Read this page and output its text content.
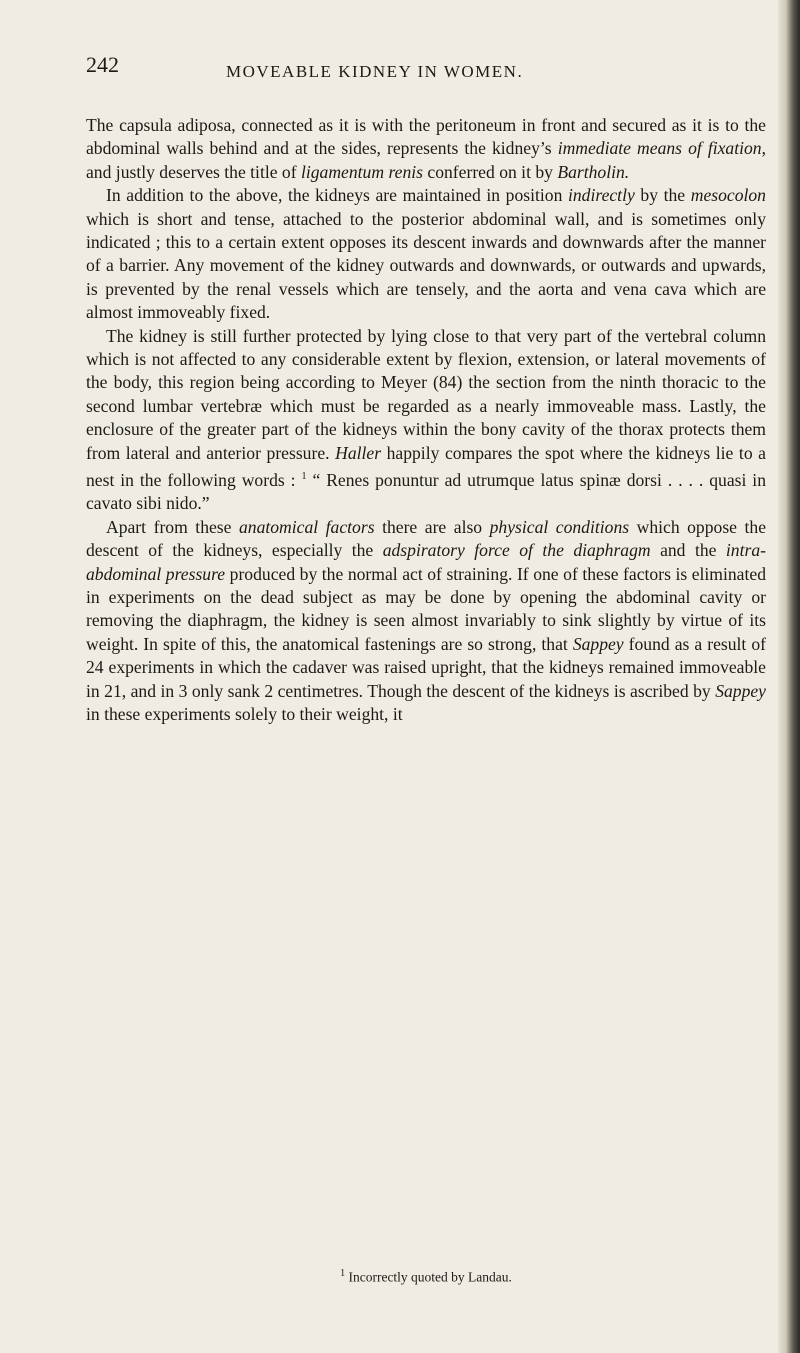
242	MOVEABLE KIDNEY IN WOMEN.

The capsula adiposa, connected as it is with the peritoneum in front and secured as it is to the abdominal walls behind and at the sides, represents the kidney’s immediate means of fixation, and justly deserves the title of ligamentum renis conferred on it by Bartholin.

In addition to the above, the kidneys are maintained in position indirectly by the mesocolon which is short and tense, attached to the posterior abdominal wall, and is sometimes only indicated ; this to a certain extent opposes its descent inwards and downwards after the manner of a barrier. Any movement of the kidney outwards and downwards, or outwards and upwards, is prevented by the renal vessels which are tensely, and the aorta and vena cava which are almost immoveably fixed.

The kidney is still further protected by lying close to that very part of the vertebral column which is not affected to any considerable extent by flexion, extension, or lateral movements of the body, this region being according to Meyer (84) the section from the ninth thoracic to the second lumbar vertebræ which must be regarded as a nearly immoveable mass. Lastly, the enclosure of the greater part of the kidneys within the bony cavity of the thorax protects them from lateral and anterior pressure. Haller happily compares the spot where the kidneys lie to a nest in the following words : $^1$ “ Renes ponuntur ad utrumque latus spinæ dorsi . . . . quasi in cavato sibi nido.”

Apart from these anatomical factors there are also physical conditions which oppose the descent of the kidneys, especially the adspiratory force of the diaphragm and the intra-abdominal pressure produced by the normal act of straining. If one of these factors is eliminated in experiments on the dead subject as may be done by opening the abdominal cavity or removing the diaphragm, the kidney is seen almost invariably to sink slightly by virtue of its weight. In spite of this, the anatomical fastenings are so strong, that Sappey found as a result of 24 experiments in which the cadaver was raised upright, that the kidneys remained immoveable in 21, and in 3 only sank 2 centimetres. Though the descent of the kidneys is ascribed by Sappey in these experiments solely to their weight, it

$^1$ Incorrectly quoted by Landau.
